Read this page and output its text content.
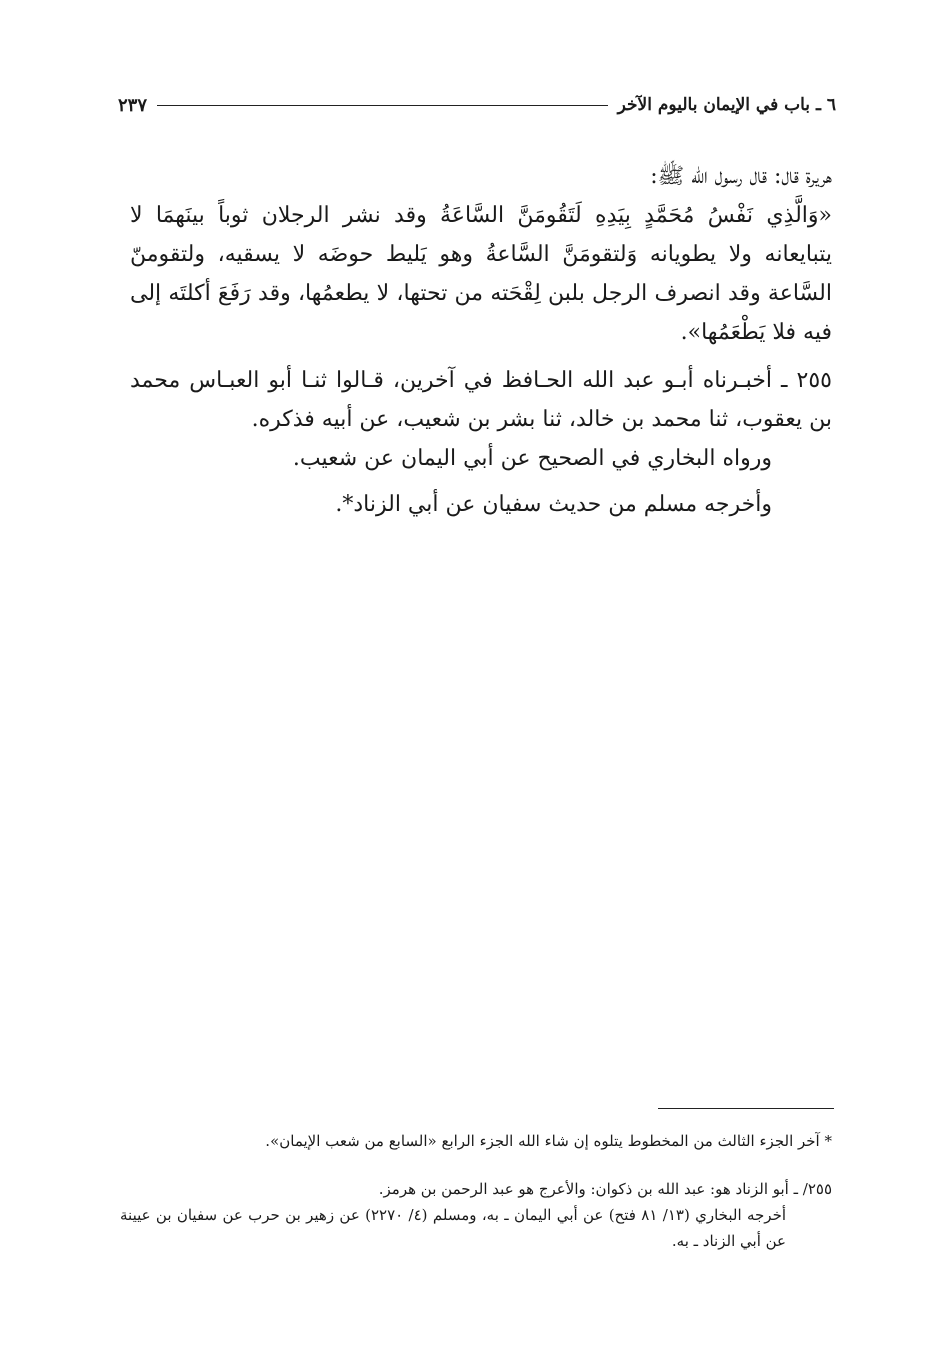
٦ ـ باب في الإيمان باليوم الآخر
٢٣٧

هريرة قال: قال رسول الله ﷺ:

«وَالَّذِي نَفْسُ مُحَمَّدٍ بِيَدِهِ لَتَقُومَنَّ السَّاعَةُ وقد نشر الرجلان ثوباً بينَهمَا لا يتبايعانه ولا يطويانه وَلتقومَنَّ السَّاعةُ وهو يَليط حوضَه لا يسقيه، ولتقومنّ السَّاعة وقد انصرف الرجل بلبن لِقْحَته من تحتها، لا يطعمُها، وقد رَفَعَ أكلتَه إلى فيه فلا يَطْعَمُها».

٢٥٥ ـ أخبـرناه أبـو عبد الله الحـافظ في آخرين، قـالوا ثنـا أبو العبـاس محمد بن يعقوب، ثنا محمد بن خالد، ثنا بشر بن شعيب، عن أبيه فذكره.

ورواه البخاري في الصحيح عن أبي اليمان عن شعيب.

وأخرجه مسلم من حديث سفيان عن أبي الزناد*.

* آخر الجزء الثالث من المخطوط يتلوه إن شاء الله الجزء الرابع «السابع من شعب الإيمان».

٢٥٥/ ـ أبو الزناد هو: عبد الله بن ذكوان: والأعرج هو عبد الرحمن بن هرمز.

أخرجه البخاري (١٣/ ٨١ فتح) عن أبي اليمان ـ به، ومسلم (٤/ ٢٢٧٠) عن زهير بن حرب عن سفيان بن عيينة عن أبي الزناد ـ به.
